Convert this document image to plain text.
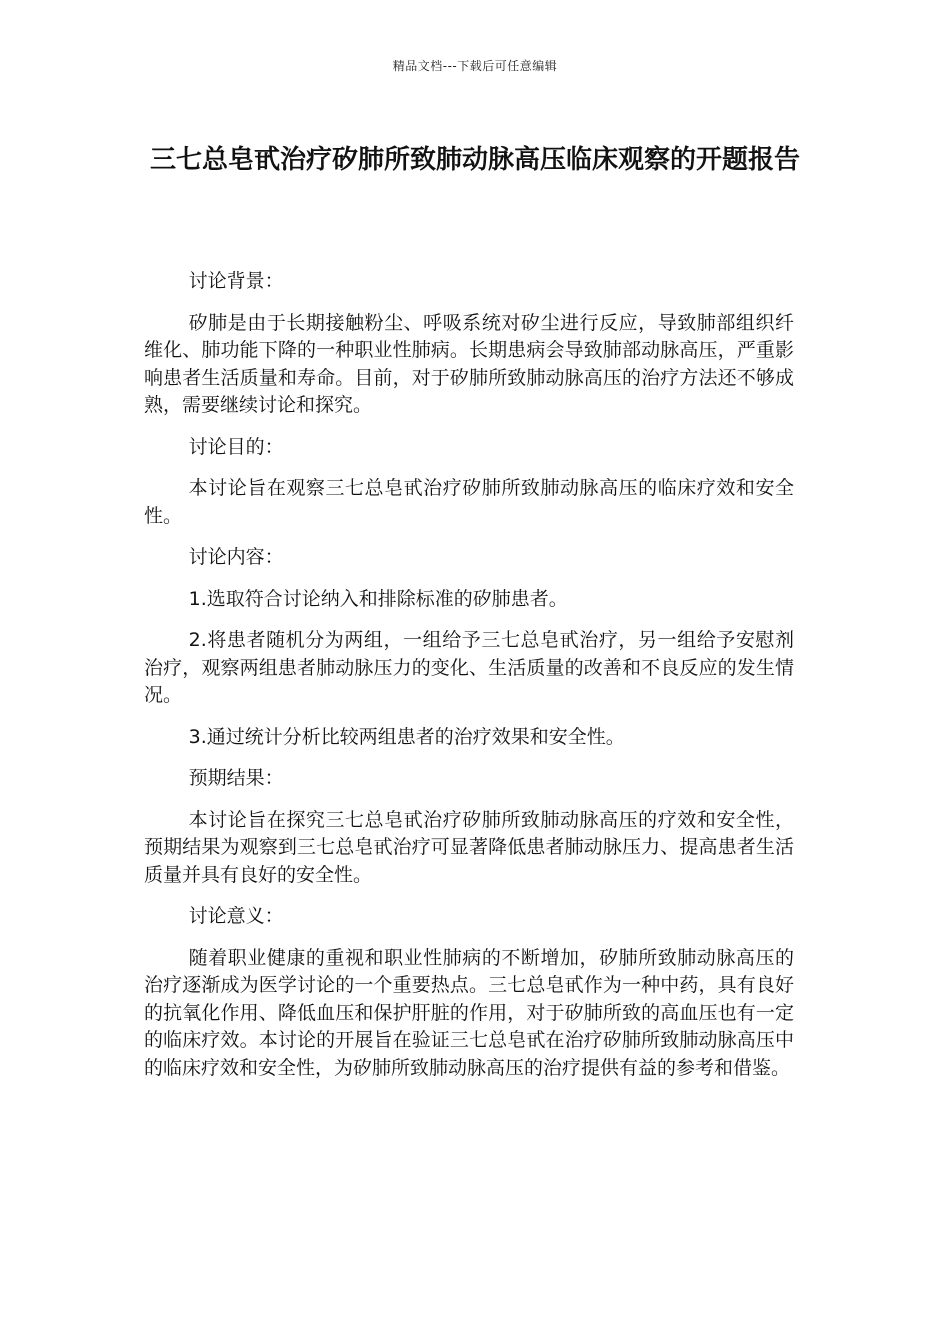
精品文档---下载后可任意编辑
三七总皂甙治疗矽肺所致肺动脉高压临床观察的开题报告

讨论背景：

矽肺是由于长期接触粉尘、呼吸系统对矽尘进行反应，导致肺部组织纤维化、肺功能下降的一种职业性肺病。长期患病会导致肺部动脉高压，严重影响患者生活质量和寿命。目前，对于矽肺所致肺动脉高压的治疗方法还不够成熟，需要继续讨论和探究。

讨论目的：

本讨论旨在观察三七总皂甙治疗矽肺所致肺动脉高压的临床疗效和安全性。

讨论内容：

1.选取符合讨论纳入和排除标准的矽肺患者。

2.将患者随机分为两组，一组给予三七总皂甙治疗，另一组给予安慰剂治疗，观察两组患者肺动脉压力的变化、生活质量的改善和不良反应的发生情况。

3.通过统计分析比较两组患者的治疗效果和安全性。

预期结果：

本讨论旨在探究三七总皂甙治疗矽肺所致肺动脉高压的疗效和安全性，预期结果为观察到三七总皂甙治疗可显著降低患者肺动脉压力、提高患者生活质量并具有良好的安全性。

讨论意义：

随着职业健康的重视和职业性肺病的不断增加，矽肺所致肺动脉高压的治疗逐渐成为医学讨论的一个重要热点。三七总皂甙作为一种中药，具有良好的抗氧化作用、降低血压和保护肝脏的作用，对于矽肺所致的高血压也有一定的临床疗效。本讨论的开展旨在验证三七总皂甙在治疗矽肺所致肺动脉高压中的临床疗效和安全性，为矽肺所致肺动脉高压的治疗提供有益的参考和借鉴。
